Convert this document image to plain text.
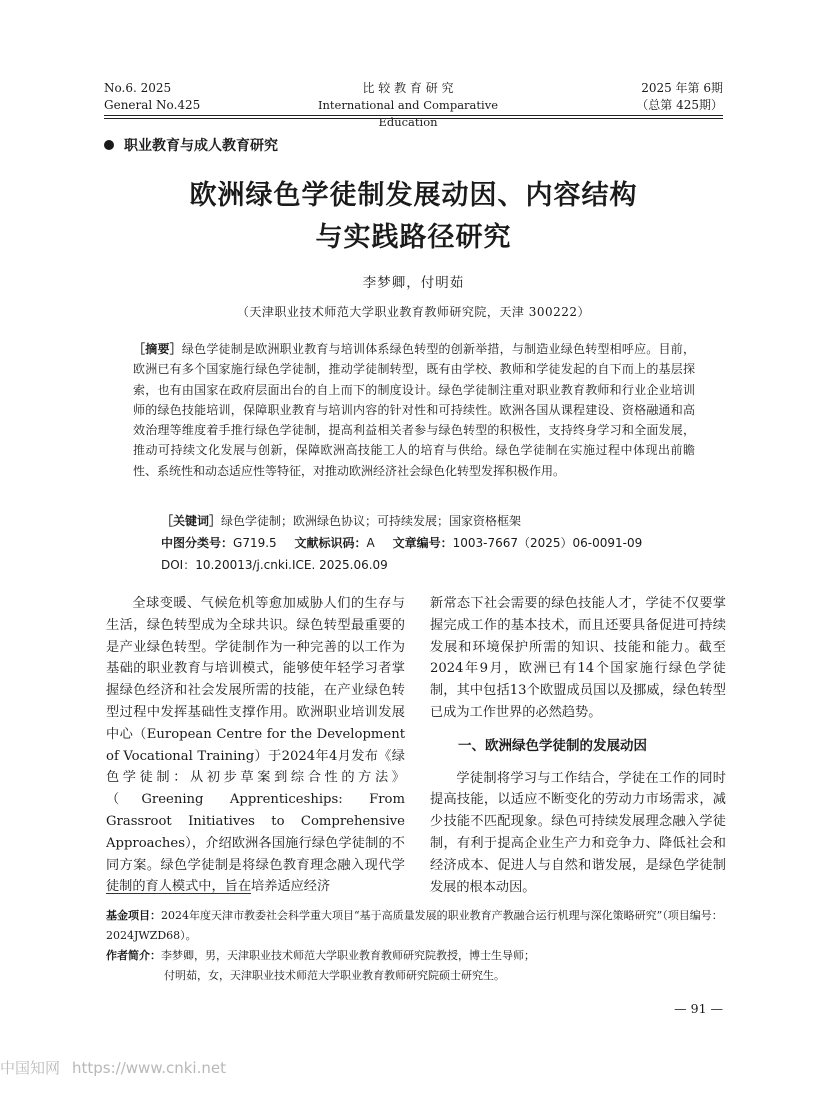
No.6. 2025
General No.425
比 较 教 育 研 究
International and Comparative Education
2025 年第 6期
（总第 425期）
职业教育与成人教育研究
欧洲绿色学徒制发展动因、内容结构
与实践路径研究
李梦卿，付明茹
（天津职业技术师范大学职业教育教师研究院，天津 300222）
［摘要］绿色学徒制是欧洲职业教育与培训体系绿色转型的创新举措，与制造业绿色转型相呼应。目前，欧洲已有多个国家施行绿色学徒制，推动学徒制转型，既有由学校、教师和学徒发起的自下而上的基层探索，也有由国家在政府层面出台的自上而下的制度设计。绿色学徒制注重对职业教育教师和行业企业培训师的绿色技能培训，保障职业教育与培训内容的针对性和可持续性。欧洲各国从课程建设、资格融通和高效治理等维度着手推行绿色学徒制，提高利益相关者参与绿色转型的积极性，支持终身学习和全面发展，推动可持续文化发展与创新，保障欧洲高技能工人的培育与供给。绿色学徒制在实施过程中体现出前瞻性、系统性和动态适应性等特征，对推动欧洲经济社会绿色化转型发挥积极作用。
［关键词］绿色学徒制；欧洲绿色协议；可持续发展；国家资格框架
中图分类号：G719.5 文献标识码：A 文章编号：1003-7667（2025）06-0091-09
DOI：10.20013/j.cnki.ICE. 2025.06.09

全球变暖、气候危机等愈加威胁人们的生存与生活，绿色转型成为全球共识。绿色转型最重要的是产业绿色转型。学徒制作为一种完善的以工作为基础的职业教育与培训模式，能够使年轻学习者掌握绿色经济和社会发展所需的技能，在产业绿色转型过程中发挥基础性支撑作用。欧洲职业培训发展中心（European Centre for the Development of Vocational Training）于2024年4月发布《绿色学徒制：从初步草案到综合性的方法》（Greening Apprenticeships: From Grassroot Initiatives to Comprehensive Approaches），介绍欧洲各国施行绿色学徒制的不同方案。绿色学徒制是将绿色教育理念融入现代学徒制的育人模式中，旨在培养适应经济

新常态下社会需要的绿色技能人才，学徒不仅要掌握完成工作的基本技术，而且还要具备促进可持续发展和环境保护所需的知识、技能和能力。截至2024年9月，欧洲已有14个国家施行绿色学徒制，其中包括13个欧盟成员国以及挪威，绿色转型已成为工作世界的必然趋势。

一、欧洲绿色学徒制的发展动因

学徒制将学习与工作结合，学徒在工作的同时提高技能，以适应不断变化的劳动力市场需求，减少技能不匹配现象。绿色可持续发展理念融入学徒制，有利于提高企业生产力和竞争力、降低社会和经济成本、促进人与自然和谐发展，是绿色学徒制发展的根本动因。

基金项目：2024年度天津市教委社会科学重大项目“基于高质量发展的职业教育产教融合运行机理与深化策略研究”（项目编号：2024JWZD68）。
作者简介：李梦卿，男，天津职业技术师范大学职业教育教师研究院教授，博士生导师；
付明茹，女，天津职业技术师范大学职业教育教师研究院硕士研究生。
— 91 —
中国知网 https://www.cnki.net
